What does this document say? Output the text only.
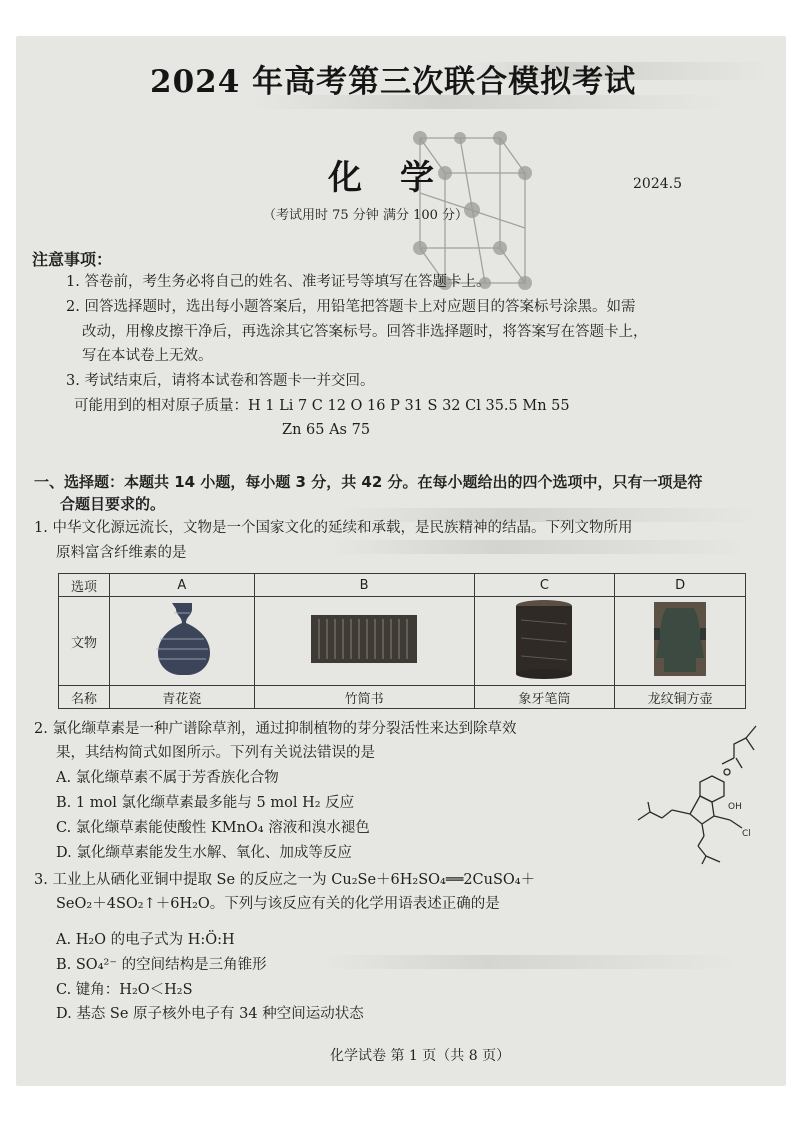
2024 年高考第三次联合模拟考试
化学	2024.5
（考试用时 75 分钟 满分 100 分）
注意事项：
1. 答卷前，考生务必将自己的姓名、准考证号等填写在答题卡上。
2. 回答选择题时，选出每小题答案后，用铅笔把答题卡上对应题目的答案标号涂黑。如需
改动，用橡皮擦干净后，再选涂其它答案标号。回答非选择题时，将答案写在答题卡上，
写在本试卷上无效。
3. 考试结束后，请将本试卷和答题卡一并交回。
可能用到的相对原子质量：H 1 Li 7 C 12 O 16 P 31 S 32 Cl 35.5 Mn 55
Zn 65 As 75
一、选择题：本题共 14 小题，每小题 3 分，共 42 分。在每小题给出的四个选项中，只有一项是符
合题目要求的。
1. 中华文化源远流长，文物是一个国家文化的延续和承载，是民族精神的结晶。下列文物所用
原料富含纤维素的是
选项	A	B	C	D
文物				
名称	青花瓷	竹简书	象牙笔筒	龙纹铜方壶
2. 氯化缬草素是一种广谱除草剂，通过抑制植物的芽分裂活性来达到除草效
果，其结构简式如图所示。下列有关说法错误的是
A. 氯化缬草素不属于芳香族化合物
B. 1 mol 氯化缬草素最多能与 5 mol H₂ 反应
C. 氯化缬草素能使酸性 KMnO₄ 溶液和溴水褪色
D. 氯化缬草素能发生水解、氧化、加成等反应
OH
Cl
3. 工业上从硒化亚铜中提取 Se 的反应之一为 Cu₂Se＋6H₂SO₄══2CuSO₄＋
SeO₂＋4SO₂↑＋6H₂O。下列与该反应有关的化学用语表述正确的是
A. H₂O 的电子式为 H:Ö:H
B. SO₄²⁻ 的空间结构是三角锥形
C. 键角：H₂O＜H₂S
D. 基态 Se 原子核外电子有 34 种空间运动状态
化学试卷 第 1 页（共 8 页）
